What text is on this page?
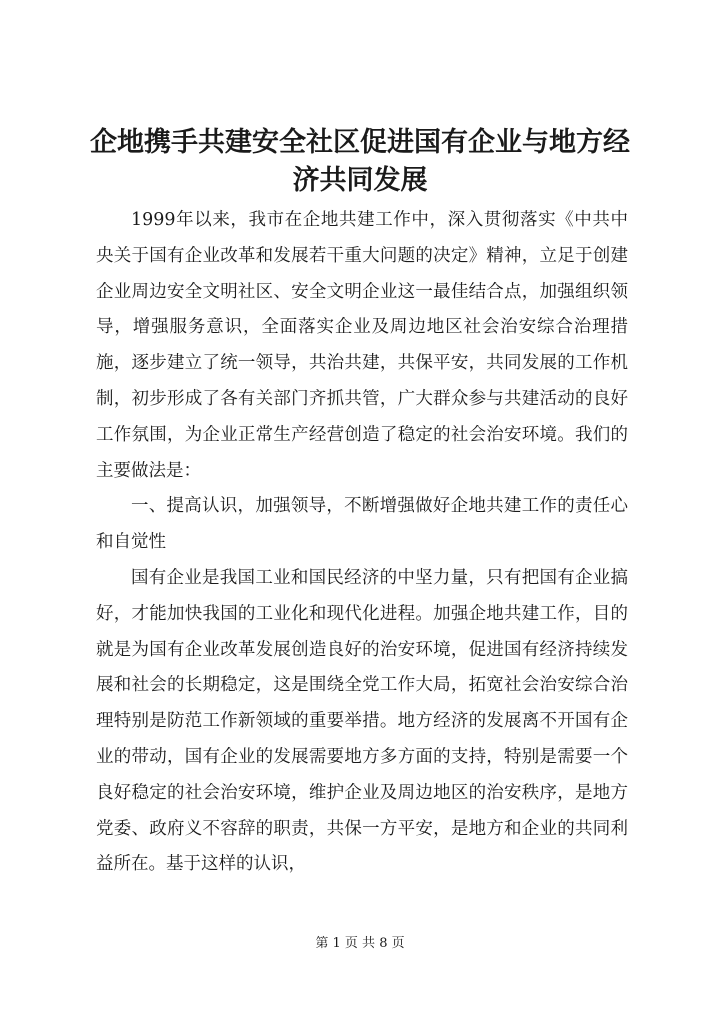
企地携手共建安全社区促进国有企业与地方经济共同发展

1999年以来，我市在企地共建工作中，深入贯彻落实《中共中央关于国有企业改革和发展若干重大问题的决定》精神，立足于创建企业周边安全文明社区、安全文明企业这一最佳结合点，加强组织领导，增强服务意识，全面落实企业及周边地区社会治安综合治理措施，逐步建立了统一领导，共治共建，共保平安，共同发展的工作机制，初步形成了各有关部门齐抓共管，广大群众参与共建活动的良好工作氛围，为企业正常生产经营创造了稳定的社会治安环境。我们的主要做法是：

一、提高认识，加强领导，不断增强做好企地共建工作的责任心和自觉性

国有企业是我国工业和国民经济的中坚力量，只有把国有企业搞好，才能加快我国的工业化和现代化进程。加强企地共建工作，目的就是为国有企业改革发展创造良好的治安环境，促进国有经济持续发展和社会的长期稳定，这是围绕全党工作大局，拓宽社会治安综合治理特别是防范工作新领域的重要举措。地方经济的发展离不开国有企业的带动，国有企业的发展需要地方多方面的支持，特别是需要一个良好稳定的社会治安环境，维护企业及周边地区的治安秩序，是地方党委、政府义不容辞的职责，共保一方平安，是地方和企业的共同利益所在。基于这样的认识，

第 1 页 共 8 页
